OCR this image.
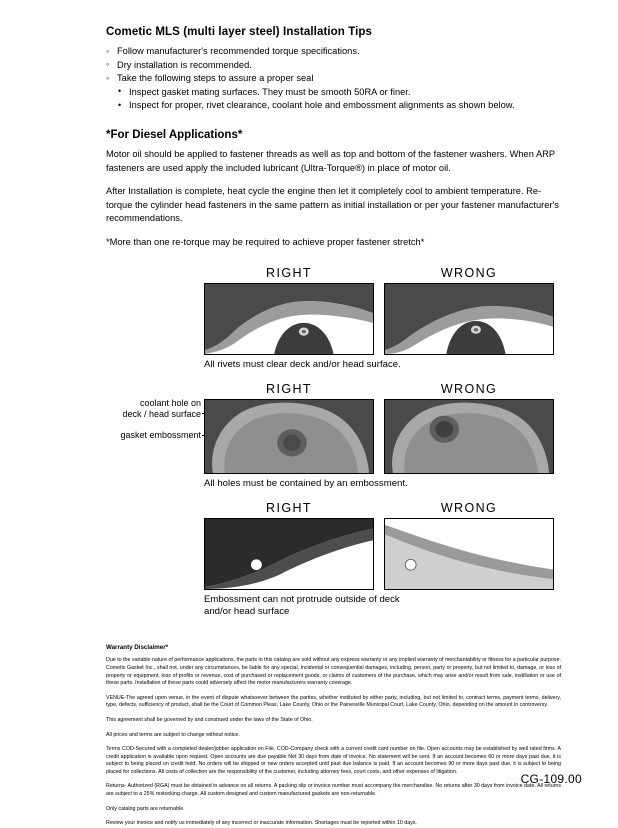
Cometic MLS (multi layer steel) Installation Tips
◦ Follow manufacturer's recommended torque specifications.
◦ Dry installation is recommended.
◦ Take the following steps to assure a proper seal
• Inspect gasket mating surfaces. They must be smooth 50RA or finer.
• Inspect for proper, rivet clearance, coolant hole and embossment alignments as shown below.
*For Diesel Applications*

Motor oil should be applied to fastener threads as well as top and bottom of the fastener washers. When ARP fasteners are used apply the included lubricant (Ultra-Torque®) in place of motor oil.

After Installation is complete, heat cycle the engine then let it completely cool to ambient temperature. Re-torque the cylinder head fasteners in the same pattern as initial installation or per your fastener manufacturer's recommendations.

*More than one re-torque may be required to achieve proper fastener stretch*

RIGHT	WRONG
All rivets must clear deck and/or head surface.
coolant hole on
deck / head surface
gasket embossment
RIGHT	WRONG
All holes must be contained by an embossment.
RIGHT	WRONG
Embossment can not protrude outside of deck
and/or head surface
Warranty Disclaimer*

Due to the variable nature of performance applications, the parts in this catalog are sold without any express warranty or any implied warranty of merchantability or fitness for a particular purpose. Cometic Gasket Inc., shall not, under any circumstances, be liable for any special, incidental or consequential damages, including, person, party or property, but not limited to, damage, or loss of property or equipment, loss of profits or revenue, cost of purchased or replacement goods, or claims of customers of the purchase, which may arise and/or result from sale, instillation or use of these parts. Installation of these parts could adversely affect the motor manufacturers warranty coverage.

VENUE-The agreed upon venue, in the event of dispute whatsoever between the parties, whether instituted by either party, including, but not limited to, contract terms, payment terms, delivery, type, defects, sufficiency of product, shall be the Court of Common Pleas, Lake County, Ohio or the Painesville Municipal Court, Lake County, Ohio, depending on the amount in controversy.

This agreement shall be governed by and construed under the laws of the State of Ohio.

All prices and terms are subject to change without notice.

Terms COD-Secured with a completed dealer/jobber application on File, COD-Company check with a current credit card number on file. Open accounts may be established by well rated firms. A credit application is available upon request. Open accounts are due payable Net 30 days from date of invoice. No statement will be sent. If an account becomes 60 or more days past due, it is subject to being placed on credit hold. No orders will be shipped or new orders accepted until past due balance is paid. If an account becomes 90 or more days past due, it is subject to being placed for collections. All costs of collection are the responsibility of the customer, including attorney fees, court costs, and other expenses of litigation.

Returns- Authorized (RGA) must be obtained in advance on all returns. A packing slip or invoice number must accompany the merchandise. No returns after 30 days from invoice date. All returns are subject to a 25% restocking charge. All custom designed and custom manufactured gaskets are non-returnable.

Only catalog parts are returnable.

Review your invoice and notify us immediately of any incorrect or inaccurate information. Shortages must be reported within 10 days.

CG-109.00
